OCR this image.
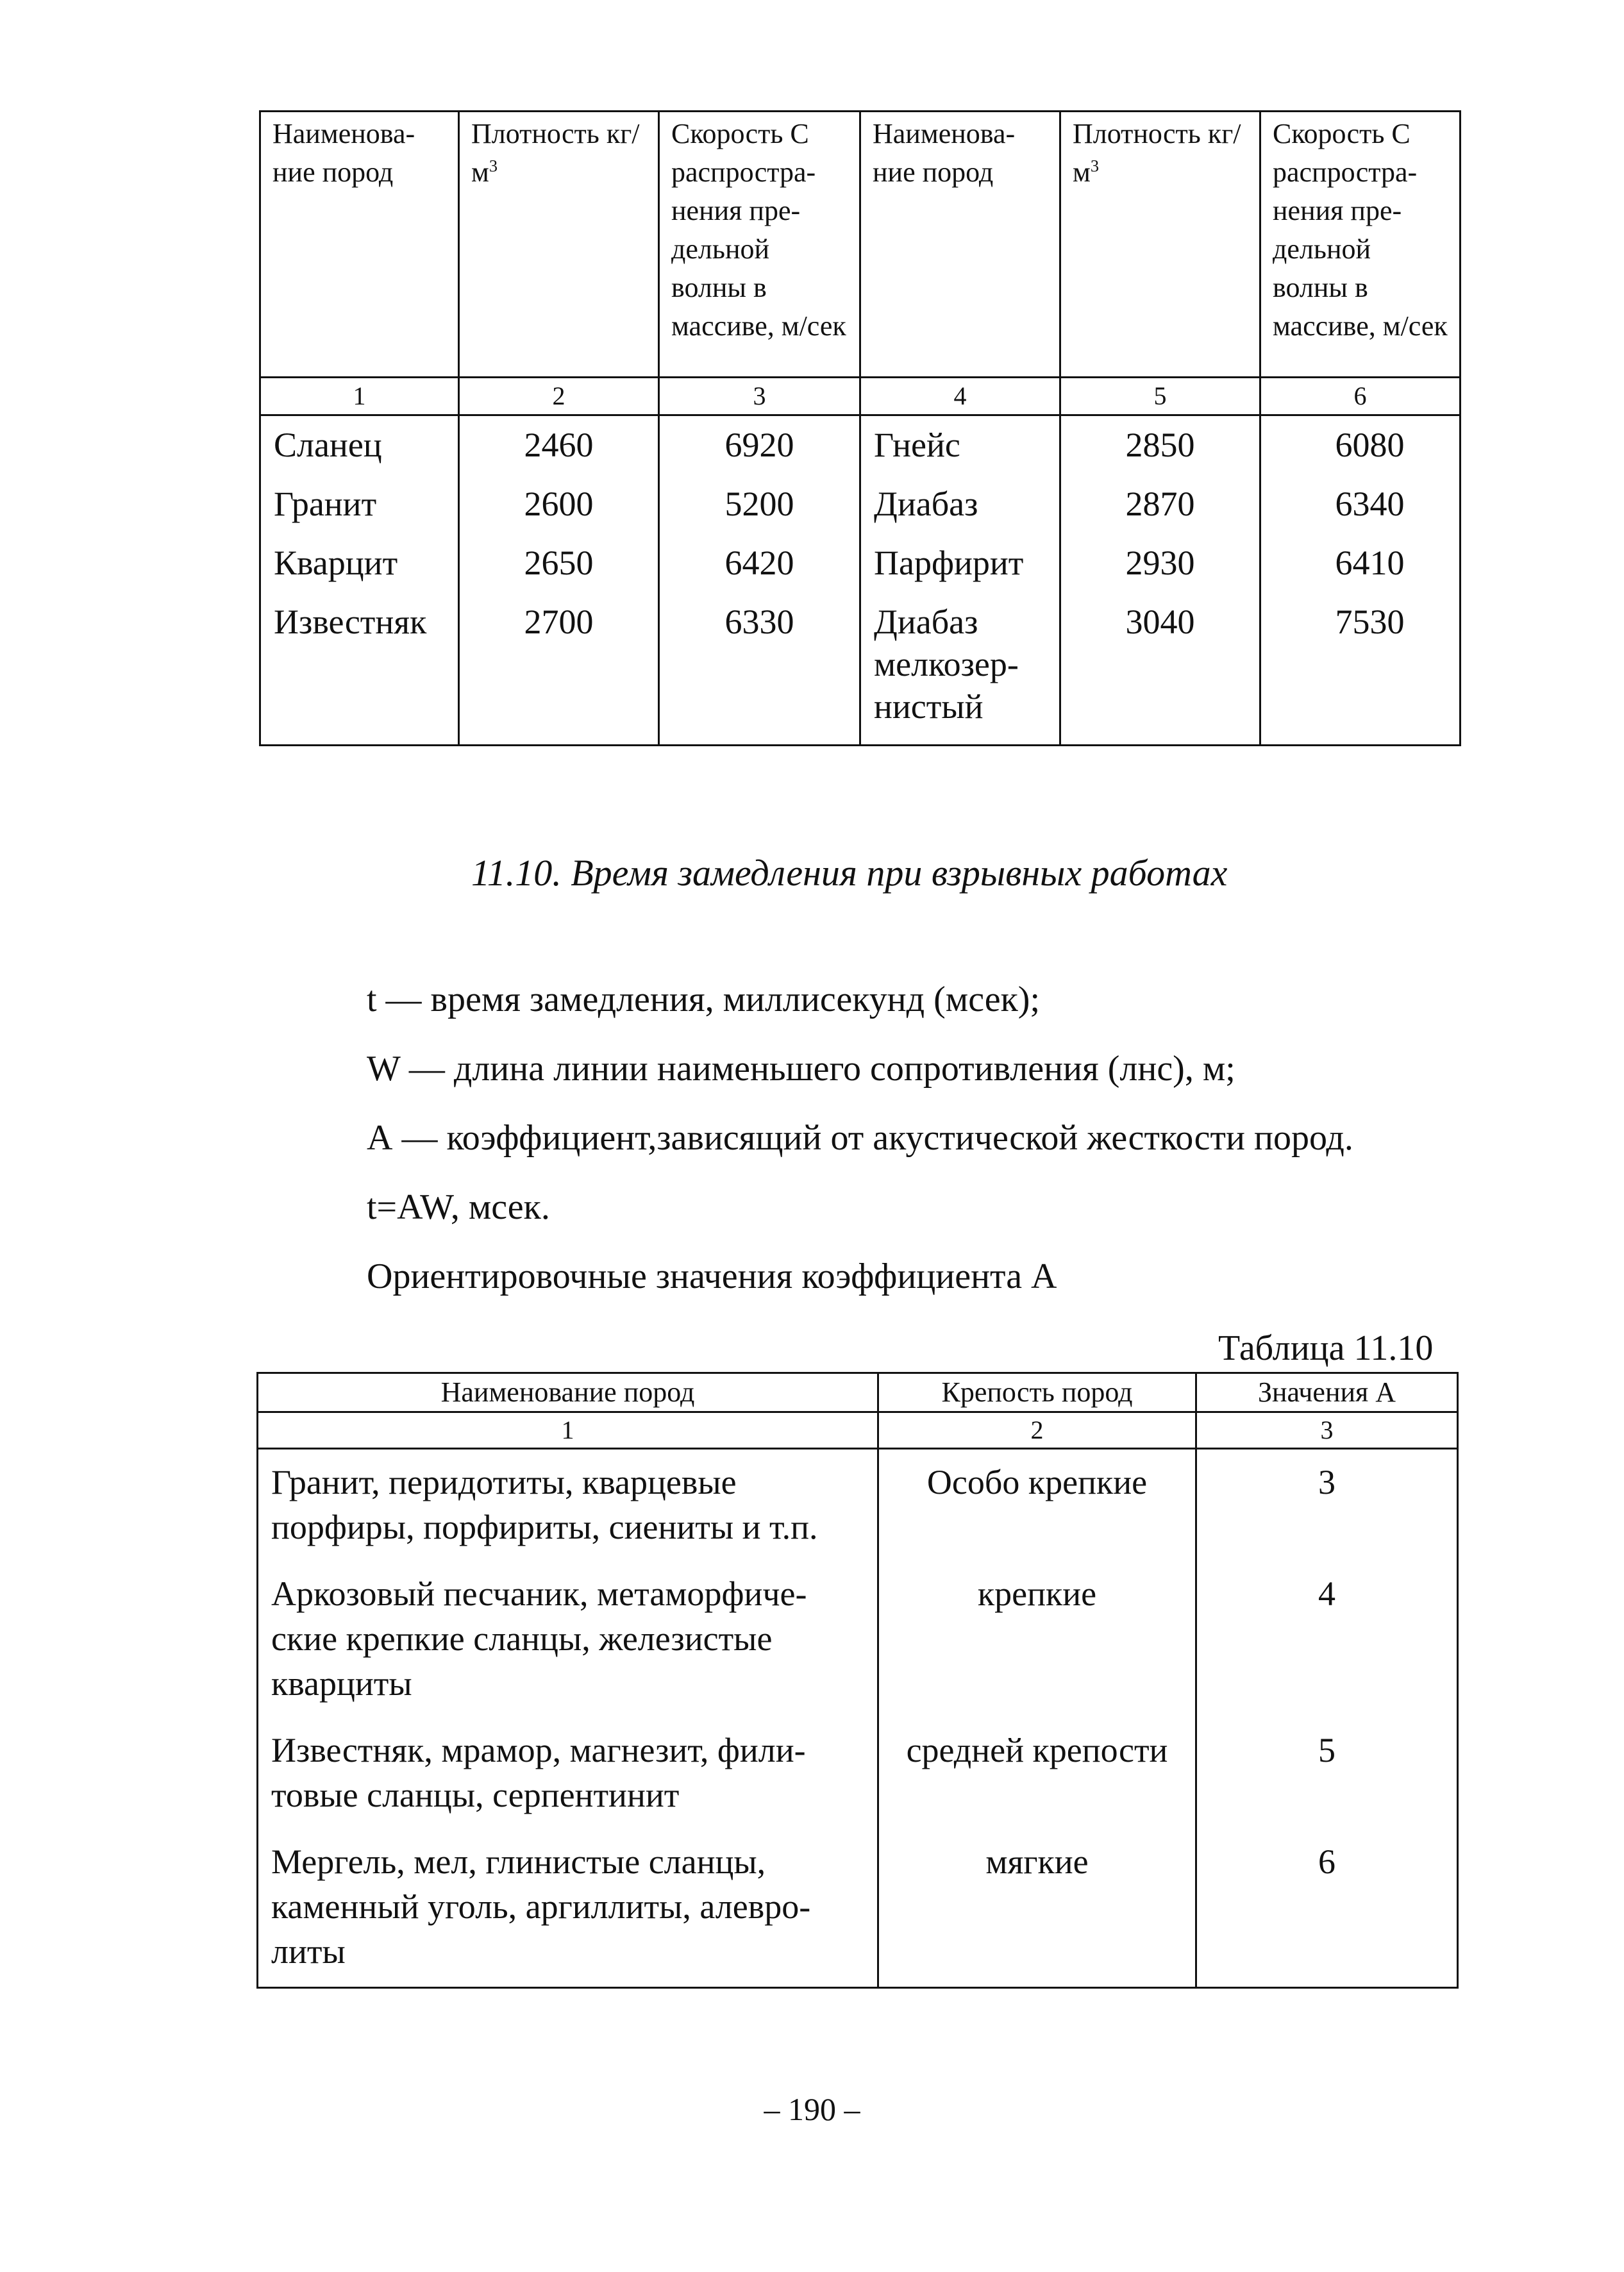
Наименова-ние пород	Плотность $кг/м^3$	Скорость С распростра-нения пре-дельной волны в массиве, м/сек	Наименова-ние пород	Плотность $кг/м^3$	Скорость С распростра-нения пре-дельной волны в массиве, м/сек
1	2	3	4	5	6
Сланец	2460	6920	Гнейс	2850	6080
Гранит	2600	5200	Диабаз	2870	6340
Кварцит	2650	6420	Парфирит	2930	6410
Известняк	2700	6330	Диабаз мелкозер-нистый	3040	7530
11.10. Время замедления при взрывных работах

t — время замедления, миллисекунд (мсек);

W — длина линии наименьшего сопротивления (лнс), м;

А — коэффициент,зависящий от акустической жесткости пород.

t=AW, мсек.

Ориентировочные значения коэффициента А

Таблица 11.10
Наименование пород	Крепость пород	Значения А
1	2	3
Гранит, перидотиты, кварцевые порфиры, порфириты, сиениты и т.п.	Особо крепкие	3
Аркозовый песчаник, метаморфиче-ские крепкие сланцы, железистые кварциты	крепкие	4
Известняк, мрамор, магнезит, фили-товые сланцы, серпентинит	средней крепости	5
Мергель, мел, глинистые сланцы, каменный уголь, аргиллиты, алевро-литы	мягкие	6
– 190 –
